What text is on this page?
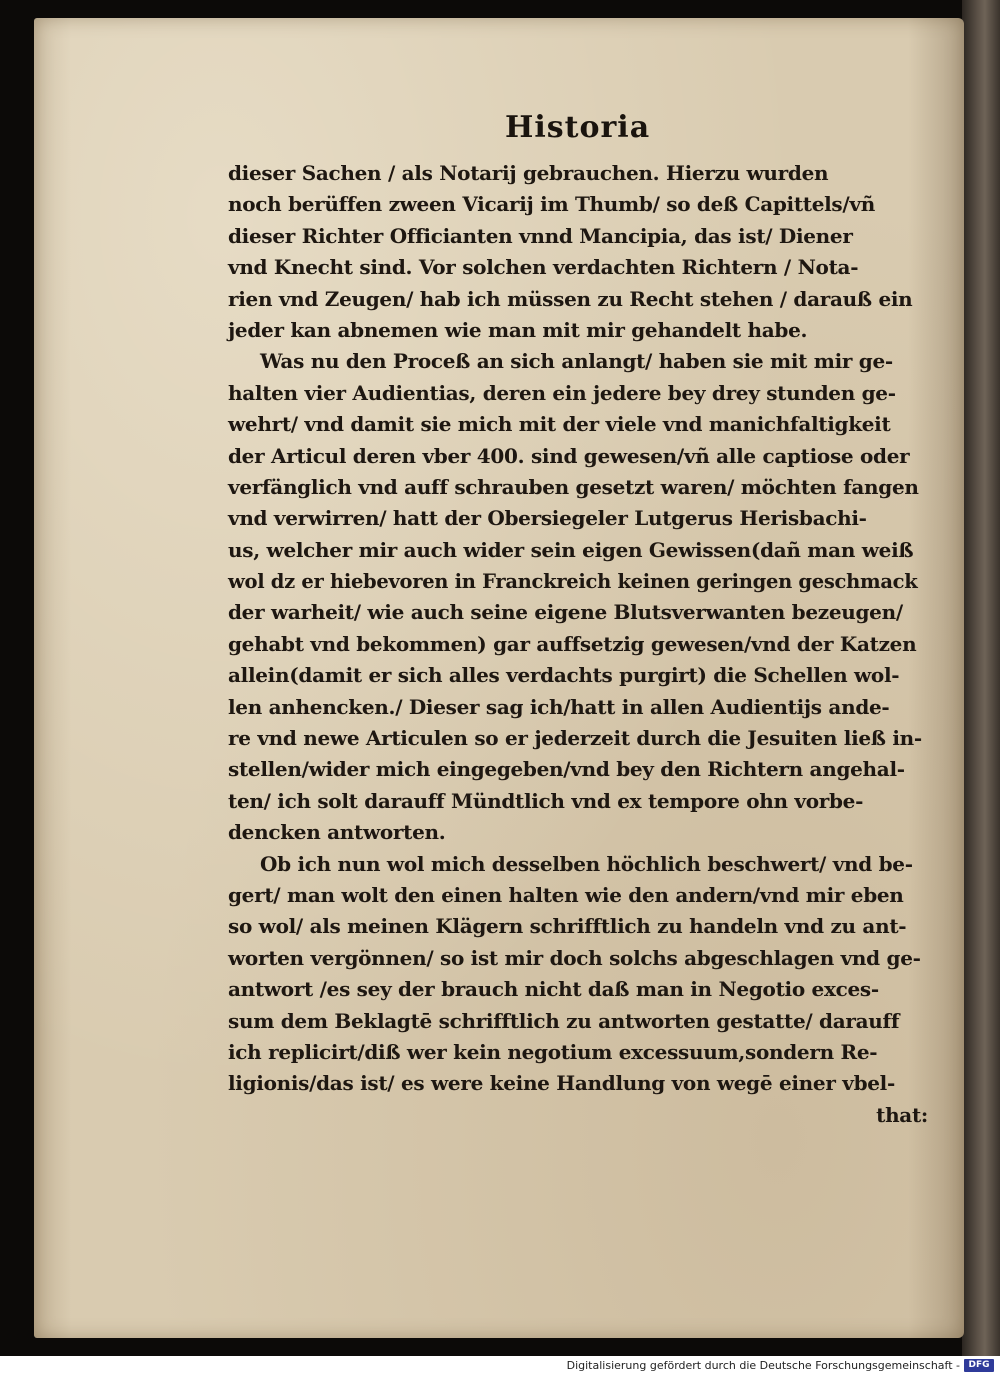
Historia
dieser Sachen / als Notarij gebrauchen. Hierzu wurden
noch berüffen zween Vicarij im Thumb/ so deß Capittels/vñ
dieser Richter Officianten vnnd Mancipia, das ist/ Diener
vnd Knecht sind. Vor solchen verdachten Richtern / Nota-
rien vnd Zeugen/ hab ich müssen zu Recht stehen / darauß ein
jeder kan abnemen wie man mit mir gehandelt habe.
Was nu den Proceß an sich anlangt/ haben sie mit mir ge-
halten vier Audientias, deren ein jedere bey drey stunden ge-
wehrt/ vnd damit sie mich mit der viele vnd manichfaltigkeit
der Articul deren vber 400. sind gewesen/vñ alle captiose oder
verfänglich vnd auff schrauben gesetzt waren/ möchten fangen
vnd verwirren/ hatt der Obersiegeler Lutgerus Herisbachi-
us, welcher mir auch wider sein eigen Gewissen(dañ man weiß
wol dz er hiebevoren in Franckreich keinen geringen geschmack
der warheit/ wie auch seine eigene Blutsverwanten bezeugen/
gehabt vnd bekommen) gar auffsetzig gewesen/vnd der Katzen
allein(damit er sich alles verdachts purgirt) die Schellen wol-
len anhencken./ Dieser sag ich/hatt in allen Audientijs ande-
re vnd newe Articulen so er jederzeit durch die Jesuiten ließ in-
stellen/wider mich eingegeben/vnd bey den Richtern angehal-
ten/ ich solt darauff Mündtlich vnd ex tempore ohn vorbe-
dencken antworten.
Ob ich nun wol mich desselben höchlich beschwert/ vnd be-
gert/ man wolt den einen halten wie den andern/vnd mir eben
so wol/ als meinen Klägern schrifftlich zu handeln vnd zu ant-
worten vergönnen/ so ist mir doch solchs abgeschlagen vnd ge-
antwort /es sey der brauch nicht daß man in Negotio exces-
sum dem Beklagtē schrifftlich zu antworten gestatte/ darauff
ich replicirt/diß wer kein negotium excessuum,sondern Re-
ligionis/das ist/ es were keine Handlung von wegē einer vbel-
that:
Digitalisierung gefördert durch die Deutsche Forschungsgemeinschaft - DFG
